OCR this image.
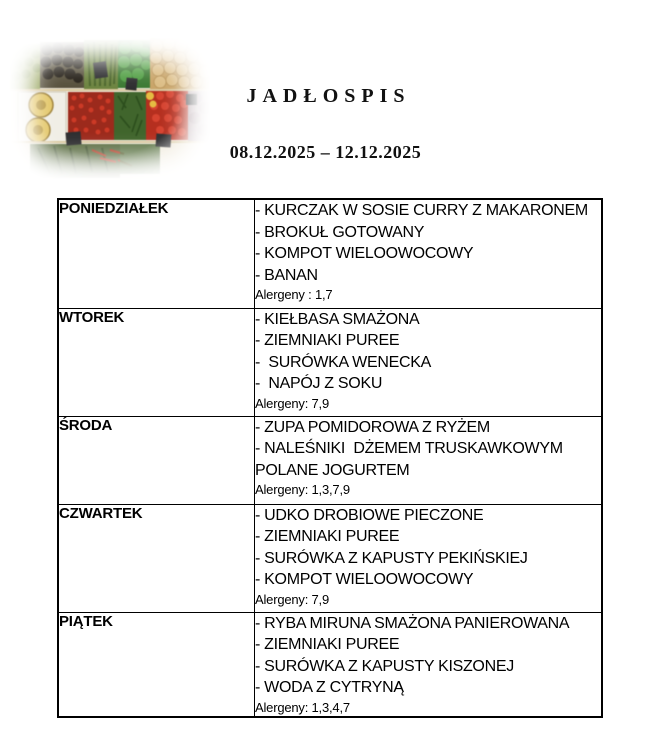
JADŁOSPIS
08.12.2025 – 12.12.2025
PONIEDZIAŁEK	- KURCZAK W SOSIE CURRY Z MAKARONEM
- BROKUŁ GOTOWANY
- KOMPOT WIELOOWOCOWY
- BANAN
Alergeny : 1,7

WTOREK	- KIEŁBASA SMAŻONA
- ZIEMNIAKI PUREE
-  SURÓWKA WENECKA
-  NAPÓJ Z SOKU
Alergeny: 7,9

ŚRODA	- ZUPA POMIDOROWA Z RYŻEM
- NALEŚNIKI  DŻEMEM TRUSKAWKOWYM POLANE JOGURTEM
Alergeny: 1,3,7,9

CZWARTEK	- UDKO DROBIOWE PIECZONE
- ZIEMNIAKI PUREE
- SURÓWKA Z KAPUSTY PEKIŃSKIEJ
- KOMPOT WIELOOWOCOWY
Alergeny: 7,9

PIĄTEK	- RYBA MIRUNA SMAŻONA PANIEROWANA
- ZIEMNIAKI PUREE
- SURÓWKA Z KAPUSTY KISZONEJ
- WODA Z CYTRYNĄ
Alergeny: 1,3,4,7
